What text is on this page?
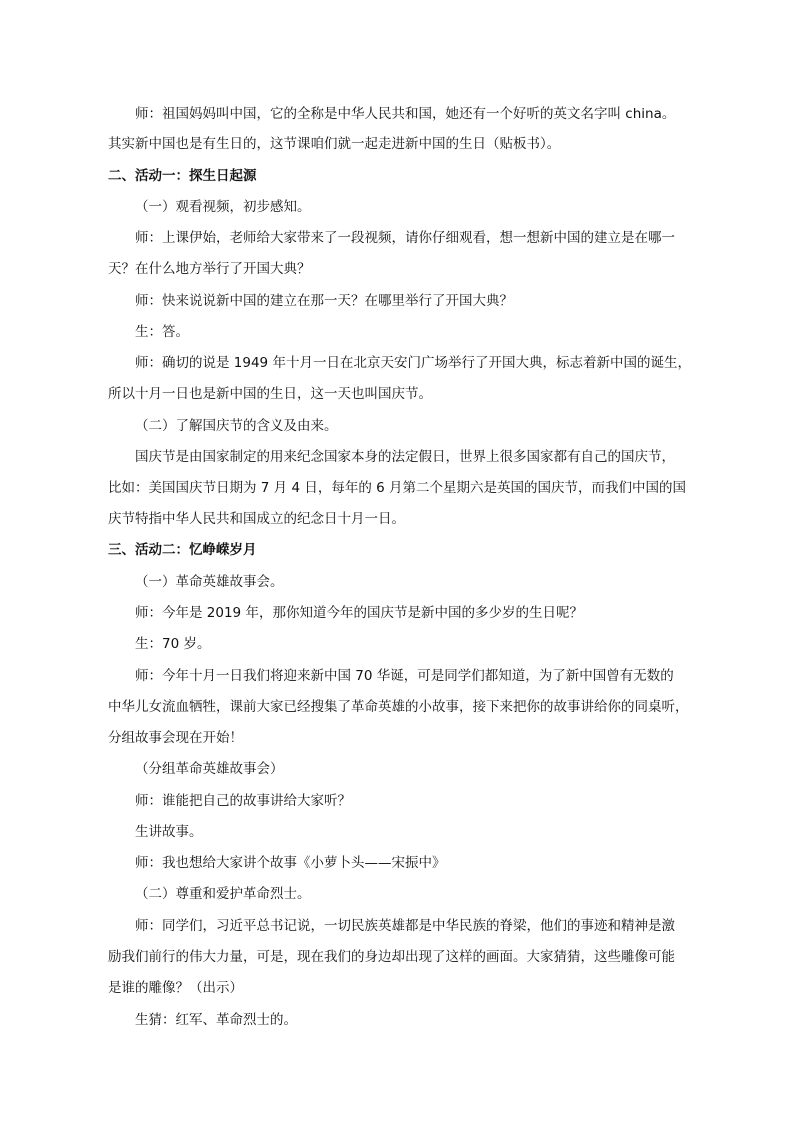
师：祖国妈妈叫中国，它的全称是中华人民共和国，她还有一个好听的英文名字叫 china。
其实新中国也是有生日的，这节课咱们就一起走进新中国的生日（贴板书）。
二、活动一：探生日起源
（一）观看视频，初步感知。
师：上课伊始，老师给大家带来了一段视频，请你仔细观看，想一想新中国的建立是在哪一
天？在什么地方举行了开国大典？
师：快来说说新中国的建立在那一天？在哪里举行了开国大典？
生：答。
师：确切的说是 1949 年十月一日在北京天安门广场举行了开国大典，标志着新中国的诞生，
所以十月一日也是新中国的生日，这一天也叫国庆节。
（二）了解国庆节的含义及由来。
国庆节是由国家制定的用来纪念国家本身的法定假日，世界上很多国家都有自己的国庆节，
比如：美国国庆节日期为 7 月 4 日，每年的 6 月第二个星期六是英国的国庆节，而我们中国的国
庆节特指中华人民共和国成立的纪念日十月一日。
三、活动二：忆峥嵘岁月
（一）革命英雄故事会。
师：今年是 2019 年，那你知道今年的国庆节是新中国的多少岁的生日呢？
生：70 岁。
师：今年十月一日我们将迎来新中国 70 华诞，可是同学们都知道，为了新中国曾有无数的
中华儿女流血牺牲，课前大家已经搜集了革命英雄的小故事，接下来把你的故事讲给你的同桌听，
分组故事会现在开始！
（分组革命英雄故事会）
师：谁能把自己的故事讲给大家听？
生讲故事。
师：我也想给大家讲个故事《小萝卜头——宋振中》
（二）尊重和爱护革命烈士。
师：同学们，习近平总书记说，一切民族英雄都是中华民族的脊梁，他们的事迹和精神是激
励我们前行的伟大力量，可是，现在我们的身边却出现了这样的画面。大家猜猜，这些雕像可能
是谁的雕像？（出示）
生猜：红军、革命烈士的。
